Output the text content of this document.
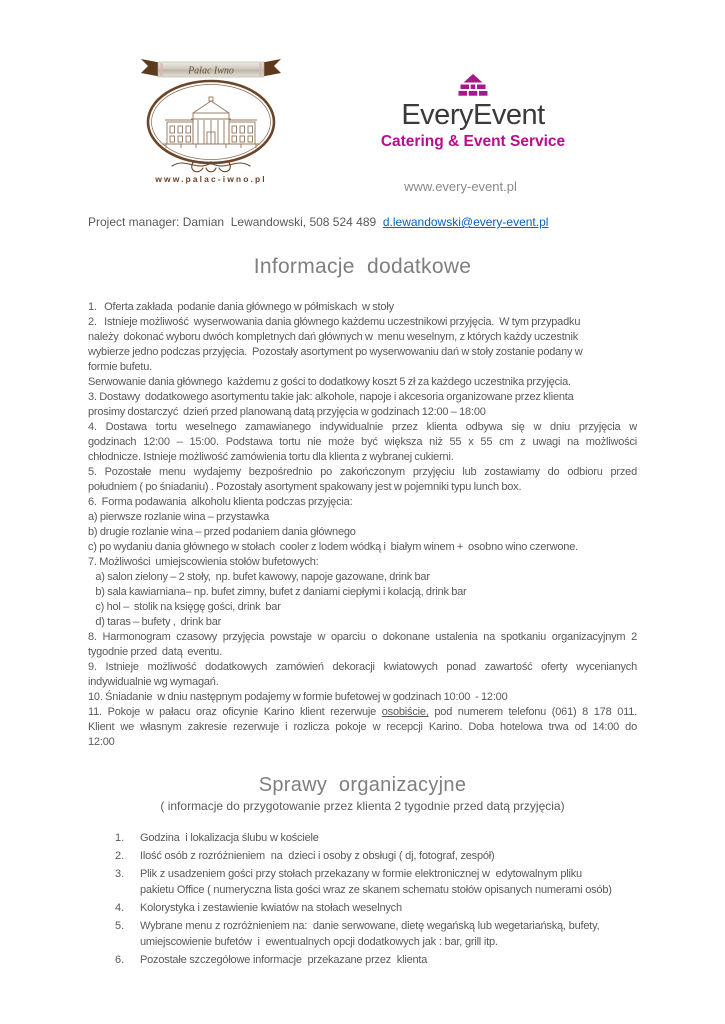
Pałac Iwno
www.palac-iwno.pl
EveryEvent
Catering & Event Service
www.every-event.pl
Project manager: Damian  Lewandowski, 508 524 489  d.lewandowski@every-event.pl
Informacje  dodatkowe
1.   Oferta zakłada  podanie dania głównego w półmiskach  w stoły
2.   Istnieje możliwość  wyserwowania dania głównego każdemu uczestnikowi przyjęcia.  W tym przypadku
należy  dokonać wyboru dwóch kompletnych dań głównych w  menu weselnym, z których każdy uczestnik
wybierze jedno podczas przyjęcia.  Pozostały asortyment po wyserwowaniu dań w stoły zostanie podany w
formie bufetu.
Serwowanie dania głównego  każdemu z gości to dodatkowy koszt 5 zł za każdego uczestnika przyjęcia.
3. Dostawy  dodatkowego asortymentu takie jak: alkohole, napoje i akcesoria organizowane przez klienta
prosimy dostarczyć  dzień przed planowaną datą przyjęcia w godzinach 12:00 – 18:00
4. Dostawa tortu weselnego zamawianego indywidualnie przez klienta odbywa się w dniu przyjęcia w
godzinach 12:00 – 15:00. Podstawa tortu nie może być większa niż 55 x 55 cm z uwagi na możliwości
chłodnicze. Istnieje możliwość zamówienia tortu dla klienta z wybranej cukierni.
5. Pozostałe menu wydajemy bezpośrednio po zakończonym przyjęciu lub zostawiamy do odbioru przed
południem ( po śniadaniu) . Pozostały asortyment spakowany jest w pojemniki typu lunch box.
6.  Forma podawania  alkoholu klienta podczas przyjęcia:
a) pierwsze rozlanie wina – przystawka
b) drugie rozlanie wina – przed podaniem dania głównego
c) po wydaniu dania głównego w stołach  cooler z lodem wódką i  białym winem +  osobno wino czerwone.
7. Możliwości  umiejscowienia stołów bufetowych:
a) salon zielony – 2 stoły,  np. bufet kawowy, napoje gazowane, drink bar
b) sala kawiarniana– np. bufet zimny, bufet z daniami ciepłymi i kolacją, drink bar
c) hol –  stolik na księgę gości, drink  bar
d) taras – bufety ,  drink bar
8. Harmonogram czasowy przyjęcia powstaje w oparciu o dokonane ustalenia na spotkaniu organizacyjnym 2
tygodnie przed  datą  eventu.
9. Istnieje możliwość dodatkowych zamówień dekoracji kwiatowych ponad zawartość oferty wycenianych
indywidualnie wg wymagań.
10. Śniadanie  w dniu następnym podajemy w formie bufetowej w godzinach 10:00  - 12:00
11. Pokoje w pałacu oraz oficynie Karino klient rezerwuje osobiście, pod numerem telefonu (061) 8 178 011.
Klient we własnym zakresie rezerwuje i rozlicza pokoje w recepcji Karino. Doba hotelowa trwa od 14:00 do
12:00
Sprawy  organizacyjne
( informacje do przygotowanie przez klienta 2 tygodnie przed datą przyjęcia)
1.	Godzina  i lokalizacja ślubu w kościele
2.	Ilość osób z rozróżnieniem  na  dzieci i osoby z obsługi ( dj, fotograf, zespół)
3.	Plik z usadzeniem gości przy stołach przekazany w formie elektronicznej w  edytowalnym pliku
pakietu Office ( numeryczna lista gości wraz ze skanem schematu stołów opisanych numerami osób)
4.	Kolorystyka i zestawienie kwiatów na stołach weselnych
5.	Wybrane menu z rozróżnieniem na:  danie serwowane, dietę wegańską lub wegetariańską, bufety,
umiejscowienie bufetów  i  ewentualnych opcji dodatkowych jak : bar, grill itp.
6.	Pozostałe szczegółowe informacje  przekazane przez  klienta
